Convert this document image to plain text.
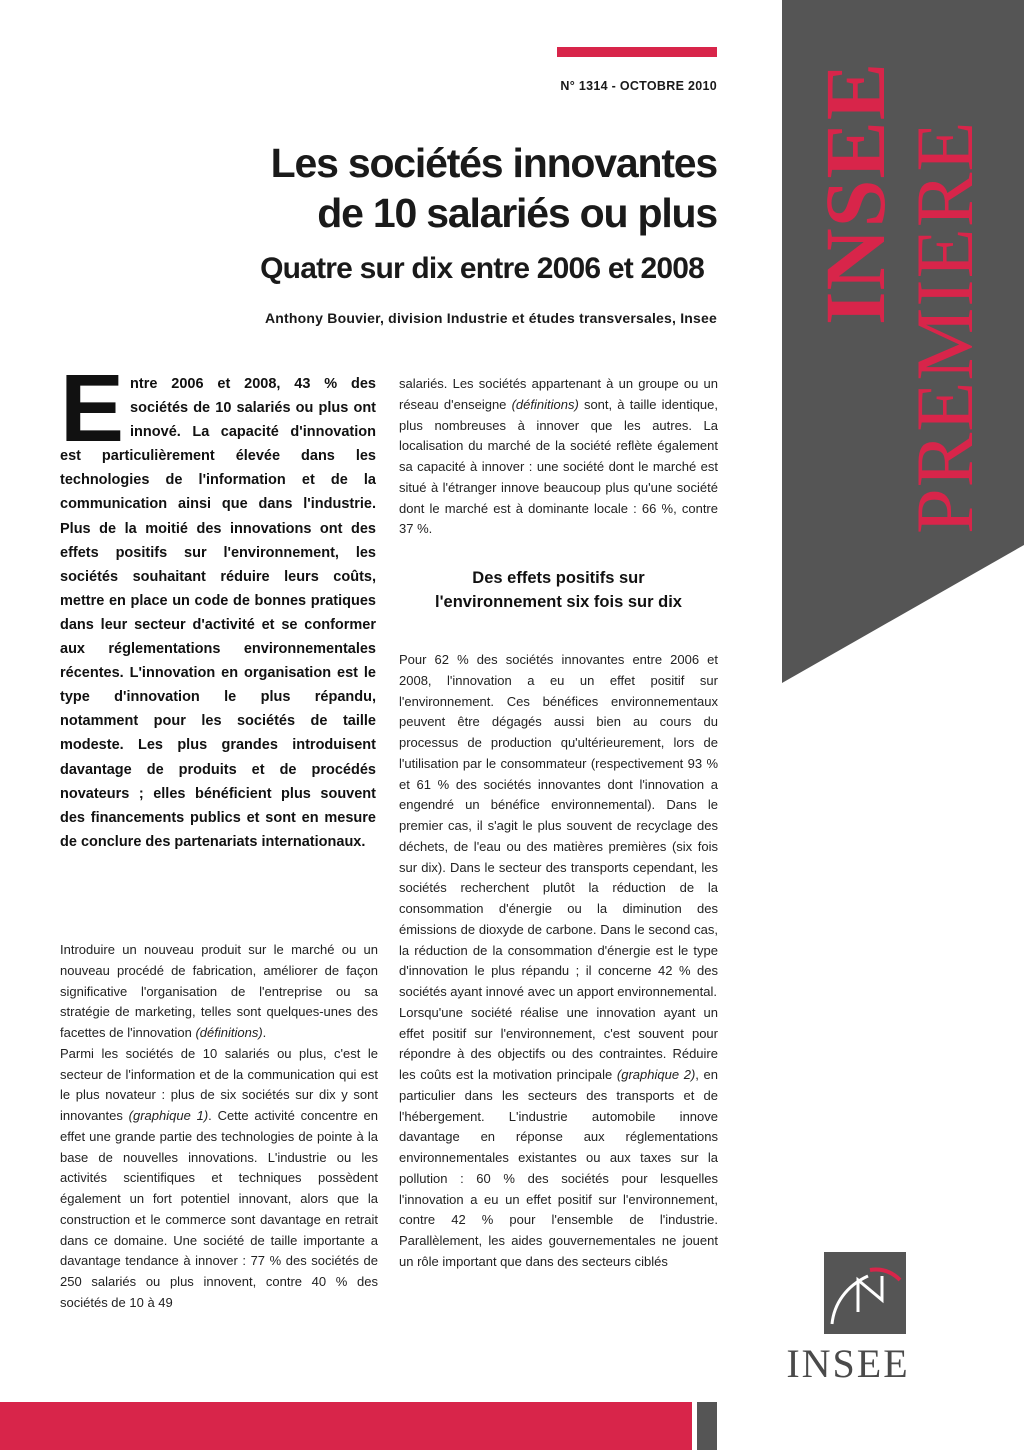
INSEE
PREMIERE
N° 1314 - OCTOBRE 2010
Les sociétés innovantes
de 10 salariés ou plus
Quatre sur dix entre 2006 et 2008
Anthony Bouvier, division Industrie et études transversales, Insee

Entre 2006 et 2008, 43 % des sociétés de 10 salariés ou plus ont innové. La capacité d'innovation est particulièrement élevée dans les technologies de l'information et de la communication ainsi que dans l'industrie. Plus de la moitié des innovations ont des effets positifs sur l'environnement, les sociétés souhaitant réduire leurs coûts, mettre en place un code de bonnes pratiques dans leur secteur d'activité et se conformer aux réglementations environnementales récentes. L'innovation en organisation est le type d'innovation le plus répandu, notamment pour les sociétés de taille modeste. Les plus grandes introduisent davantage de produits et de procédés novateurs ; elles bénéficient plus souvent des financements publics et sont en mesure de conclure des partenariats internationaux.

Introduire un nouveau produit sur le marché ou un nouveau procédé de fabrication, améliorer de façon significative l'organisation de l'entreprise ou sa stratégie de marketing, telles sont quelques-unes des facettes de l'innovation (définitions).

Parmi les sociétés de 10 salariés ou plus, c'est le secteur de l'information et de la communication qui est le plus novateur : plus de six sociétés sur dix y sont innovantes (graphique 1). Cette activité concentre en effet une grande partie des technologies de pointe à la base de nouvelles innovations. L'industrie ou les activités scientifiques et techniques possèdent également un fort potentiel innovant, alors que la construction et le commerce sont davantage en retrait dans ce domaine. Une société de taille importante a davantage tendance à innover : 77 % des sociétés de 250 salariés ou plus innovent, contre 40 % des sociétés de 10 à 49

salariés. Les sociétés appartenant à un groupe ou un réseau d'enseigne (définitions) sont, à taille identique, plus nombreuses à innover que les autres. La localisation du marché de la société reflète également sa capacité à innover : une société dont le marché est situé à l'étranger innove beaucoup plus qu'une société dont le marché est à dominante locale : 66 %, contre 37 %.

Des effets positifs sur
l'environnement six fois sur dix

Pour 62 % des sociétés innovantes entre 2006 et 2008, l'innovation a eu un effet positif sur l'environnement. Ces bénéfices environnementaux peuvent être dégagés aussi bien au cours du processus de production qu'ultérieurement, lors de l'utilisation par le consommateur (respectivement 93 % et 61 % des sociétés innovantes dont l'innovation a engendré un bénéfice environnemental). Dans le premier cas, il s'agit le plus souvent de recyclage des déchets, de l'eau ou des matières premières (six fois sur dix). Dans le secteur des transports cependant, les sociétés recherchent plutôt la réduction de la consommation d'énergie ou la diminution des émissions de dioxyde de carbone. Dans le second cas, la réduction de la consommation d'énergie est le type d'innovation le plus répandu ; il concerne 42 % des sociétés ayant innové avec un apport environnemental.

Lorsqu'une société réalise une innovation ayant un effet positif sur l'environnement, c'est souvent pour répondre à des objectifs ou des contraintes. Réduire les coûts est la motivation principale (graphique 2), en particulier dans les secteurs des transports et de l'hébergement. L'industrie automobile innove davantage en réponse aux réglementations environnementales existantes ou aux taxes sur la pollution : 60 % des sociétés pour lesquelles l'innovation a eu un effet positif sur l'environnement, contre 42 % pour l'ensemble de l'industrie. Parallèlement, les aides gouvernementales ne jouent un rôle important que dans des secteurs ciblés

INSEE
